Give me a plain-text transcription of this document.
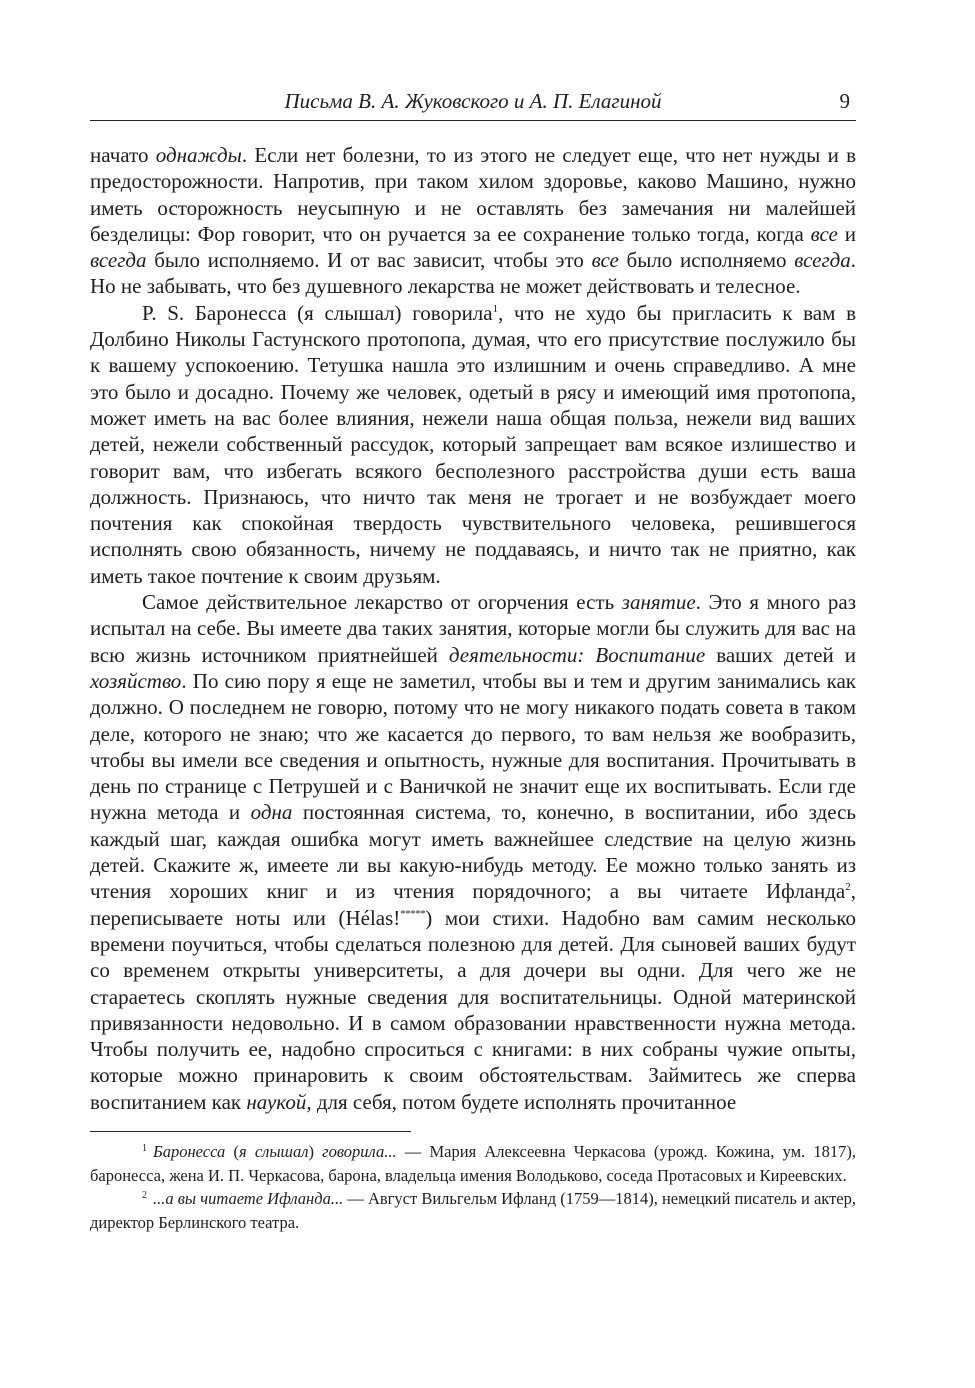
Письма В. А. Жуковского и А. П. Елагиной	9

начато однажды. Если нет болезни, то из этого не следует еще, что нет нужды и в предосторожности. Напротив, при таком хилом здоровье, каково Машино, нужно иметь осторожность неусыпную и не оставлять без замечания ни малейшей безделицы: Фор говорит, что он ручается за ее сохранение только тогда, когда все и всегда было исполняемо. И от вас зависит, чтобы это все было исполняемо всегда. Но не забывать, что без душевного лекарства не может действовать и телесное.

P. S. Баронесса (я слышал) говорила$^1$, что не худо бы пригласить к вам в Долбино Николы Гастунского протопопа, думая, что его присутствие послужило бы к вашему успокоению. Тетушка нашла это излишним и очень справедливо. А мне это было и досадно. Почему же человек, одетый в рясу и имеющий имя протопопа, может иметь на вас более влияния, нежели наша общая польза, нежели вид ваших детей, нежели собственный рассудок, который запрещает вам всякое излишество и говорит вам, что избегать всякого бесполезного расстройства души есть ваша должность. Признаюсь, что ничто так меня не трогает и не возбуждает моего почтения как спокойная твердость чувствительного человека, решившегося исполнять свою обязанность, ничему не поддаваясь, и ничто так не приятно, как иметь такое почтение к своим друзьям.

Самое действительное лекарство от огорчения есть занятие. Это я много раз испытал на себе. Вы имеете два таких занятия, которые могли бы служить для вас на всю жизнь источником приятнейшей деятельности: Воспитание ваших детей и хозяйство. По сию пору я еще не заметил, чтобы вы и тем и другим занимались как должно. О последнем не говорю, потому что не могу никакого подать совета в таком деле, которого не знаю; что же касается до первого, то вам нельзя же вообразить, чтобы вы имели все сведения и опытность, нужные для воспитания. Прочитывать в день по странице с Петрушей и с Ваничкой не значит еще их воспитывать. Если где нужна метода и одна постоянная система, то, конечно, в воспитании, ибо здесь каждый шаг, каждая ошибка могут иметь важнейшее следствие на целую жизнь детей. Скажите ж, имеете ли вы какую-нибудь методу. Ее можно только занять из чтения хороших книг и из чтения порядочного; а вы читаете Ифланда$^2$, переписываете ноты или (Hélas!*****) мои стихи. Надобно вам самим несколько времени поучиться, чтобы сделаться полезною для детей. Для сыновей ваших будут со временем открыты университеты, а для дочери вы одни. Для чего же не стараетесь скоплять нужные сведения для воспитательницы. Одной материнской привязанности недовольно. И в самом образовании нравственности нужна метода. Чтобы получить ее, надобно спроситься с книгами: в них собраны чужие опыты, которые можно принаровить к своим обстоятельствам. Займитесь же сперва воспитанием как наукой, для себя, потом будете исполнять прочитанное

$^1$ Баронесса (я слышал) говорила... — Мария Алексеевна Черкасова (урожд. Кожина, ум. 1817), баронесса, жена И. П. Черкасова, барона, владельца имения Володьково, соседа Протасовых и Киреевских.

$^2$ ...а вы читаете Ифланда... — Август Вильгельм Ифланд (1759—1814), немецкий писатель и актер, директор Берлинского театра.
